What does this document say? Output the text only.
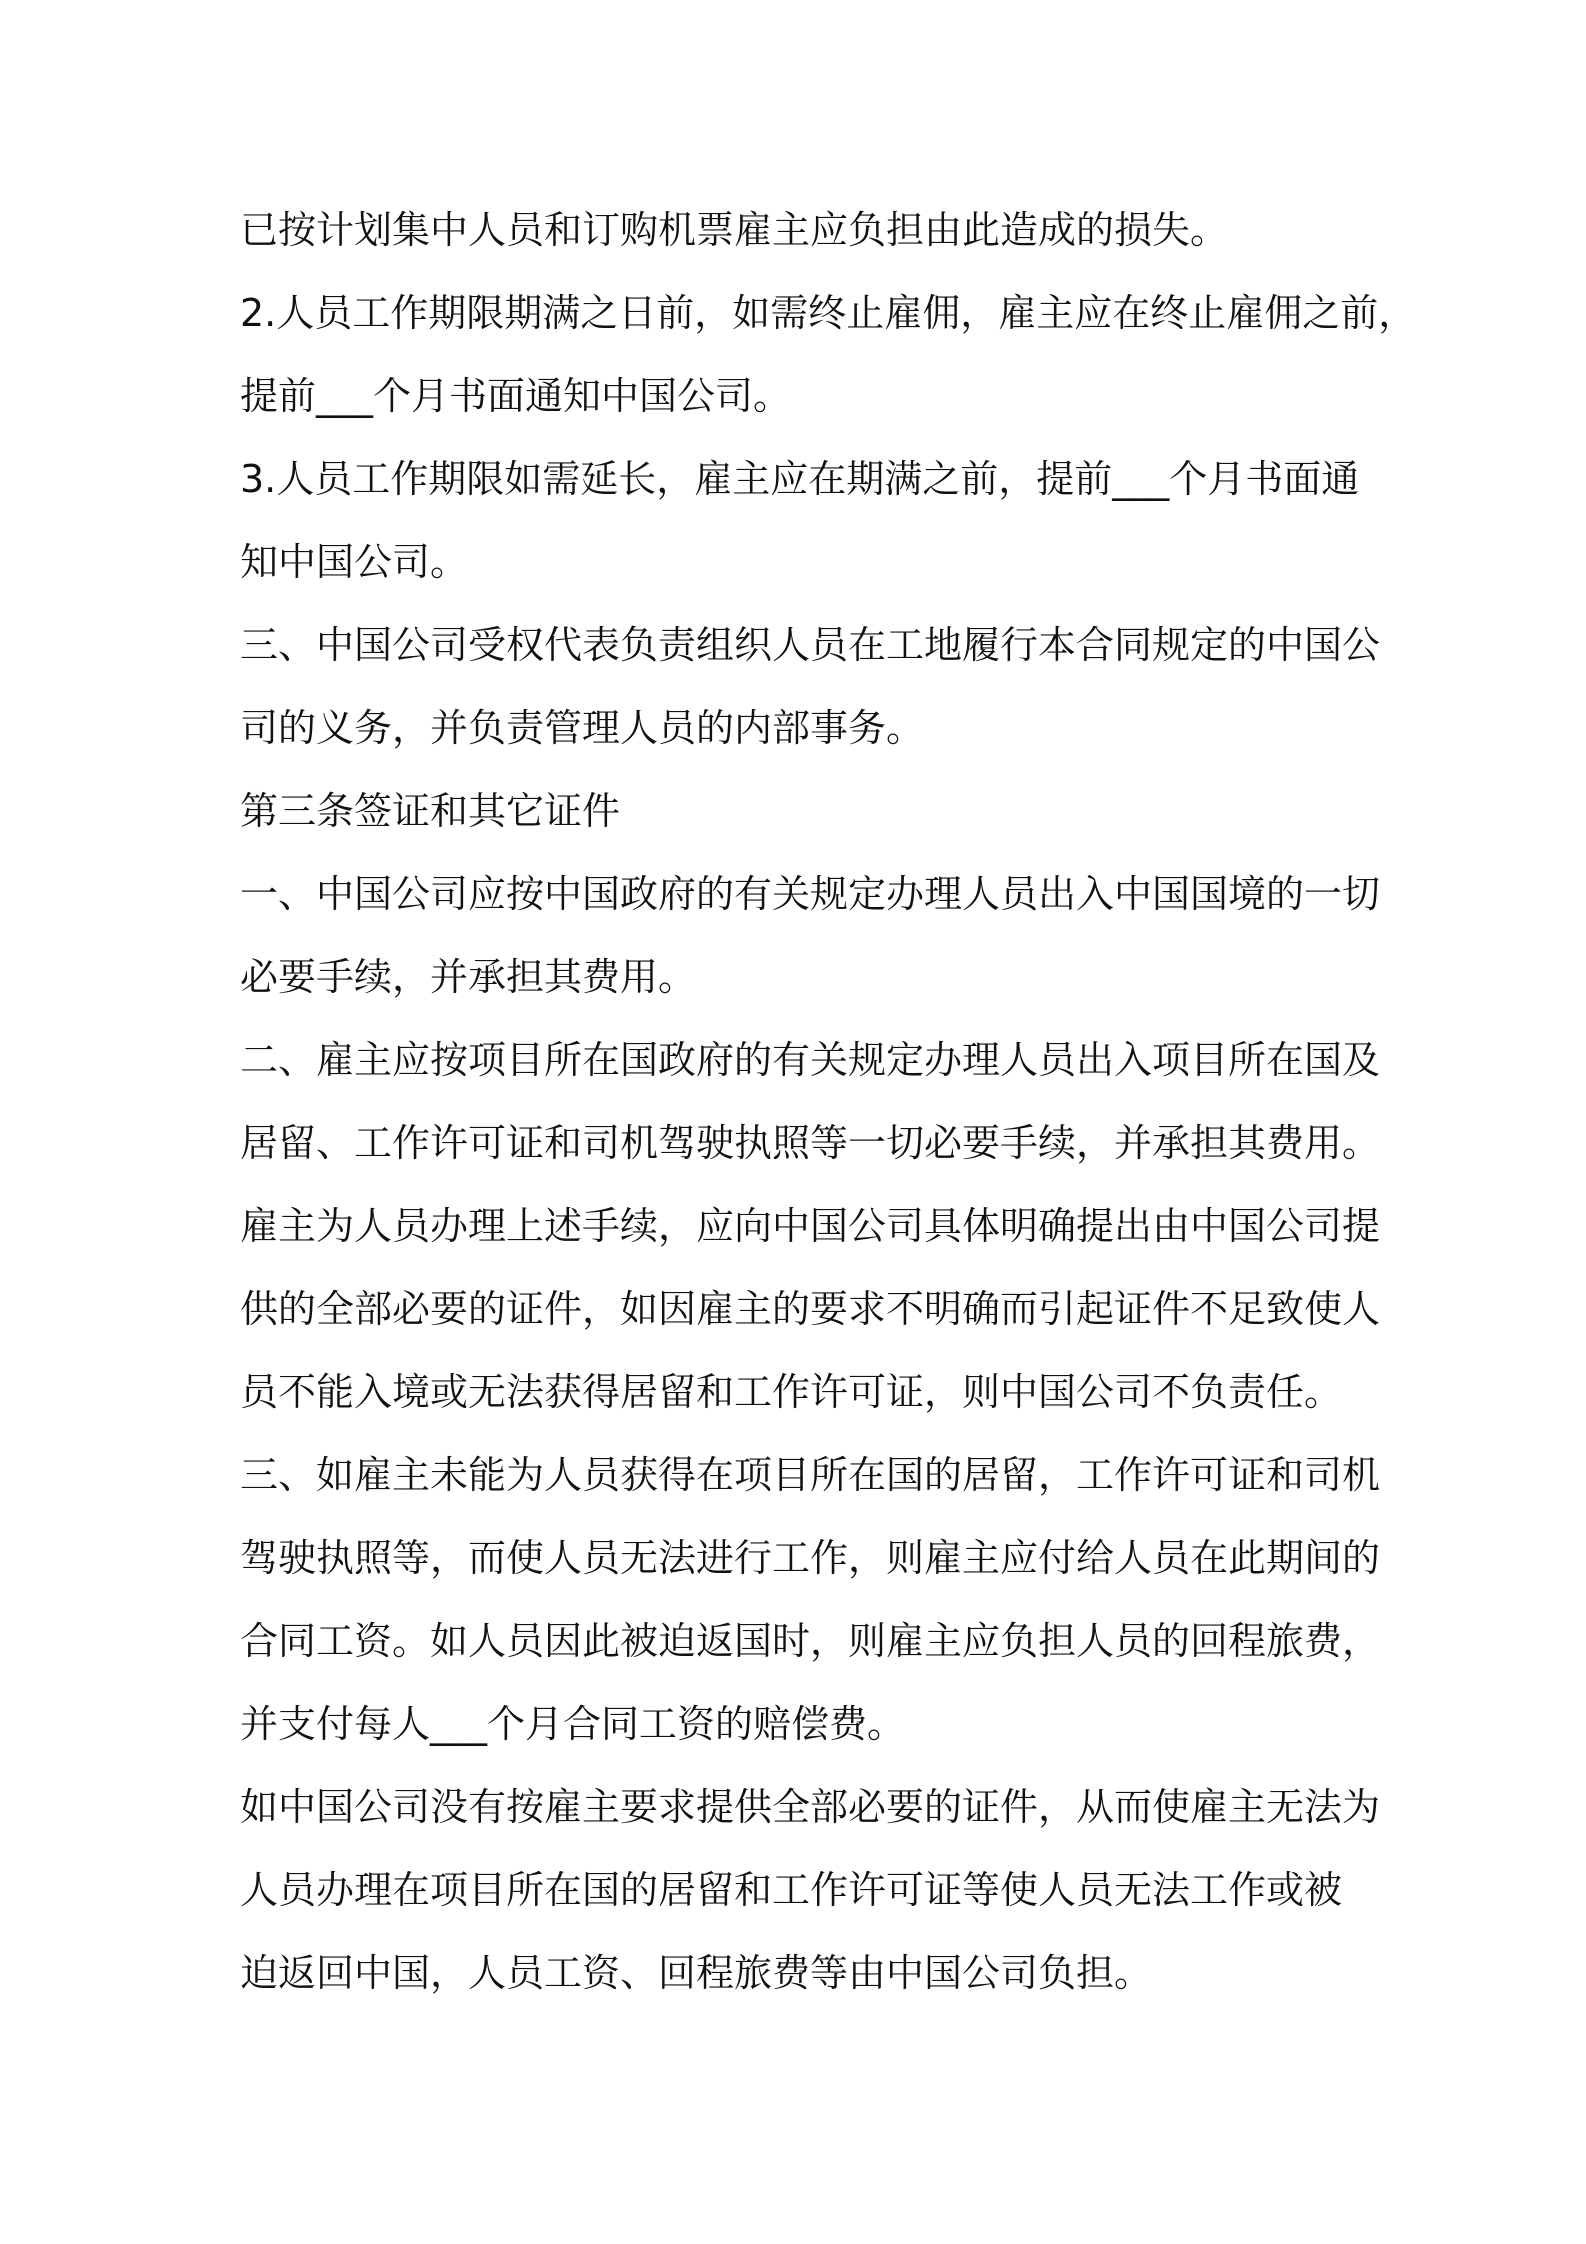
已按计划集中人员和订购机票雇主应负担由此造成的损失。
2.人员工作期限期满之日前，如需终止雇佣，雇主应在终止雇佣之前，
提前___个月书面通知中国公司。
3.人员工作期限如需延长，雇主应在期满之前，提前___个月书面通
知中国公司。
三、中国公司受权代表负责组织人员在工地履行本合同规定的中国公
司的义务，并负责管理人员的内部事务。
第三条签证和其它证件
一、中国公司应按中国政府的有关规定办理人员出入中国国境的一切
必要手续，并承担其费用。
二、雇主应按项目所在国政府的有关规定办理人员出入项目所在国及
居留、工作许可证和司机驾驶执照等一切必要手续，并承担其费用。
雇主为人员办理上述手续，应向中国公司具体明确提出由中国公司提
供的全部必要的证件，如因雇主的要求不明确而引起证件不足致使人
员不能入境或无法获得居留和工作许可证，则中国公司不负责任。
三、如雇主未能为人员获得在项目所在国的居留，工作许可证和司机
驾驶执照等，而使人员无法进行工作，则雇主应付给人员在此期间的
合同工资。如人员因此被迫返国时，则雇主应负担人员的回程旅费，
并支付每人___个月合同工资的赔偿费。
如中国公司没有按雇主要求提供全部必要的证件，从而使雇主无法为
人员办理在项目所在国的居留和工作许可证等使人员无法工作或被
迫返回中国，人员工资、回程旅费等由中国公司负担。
